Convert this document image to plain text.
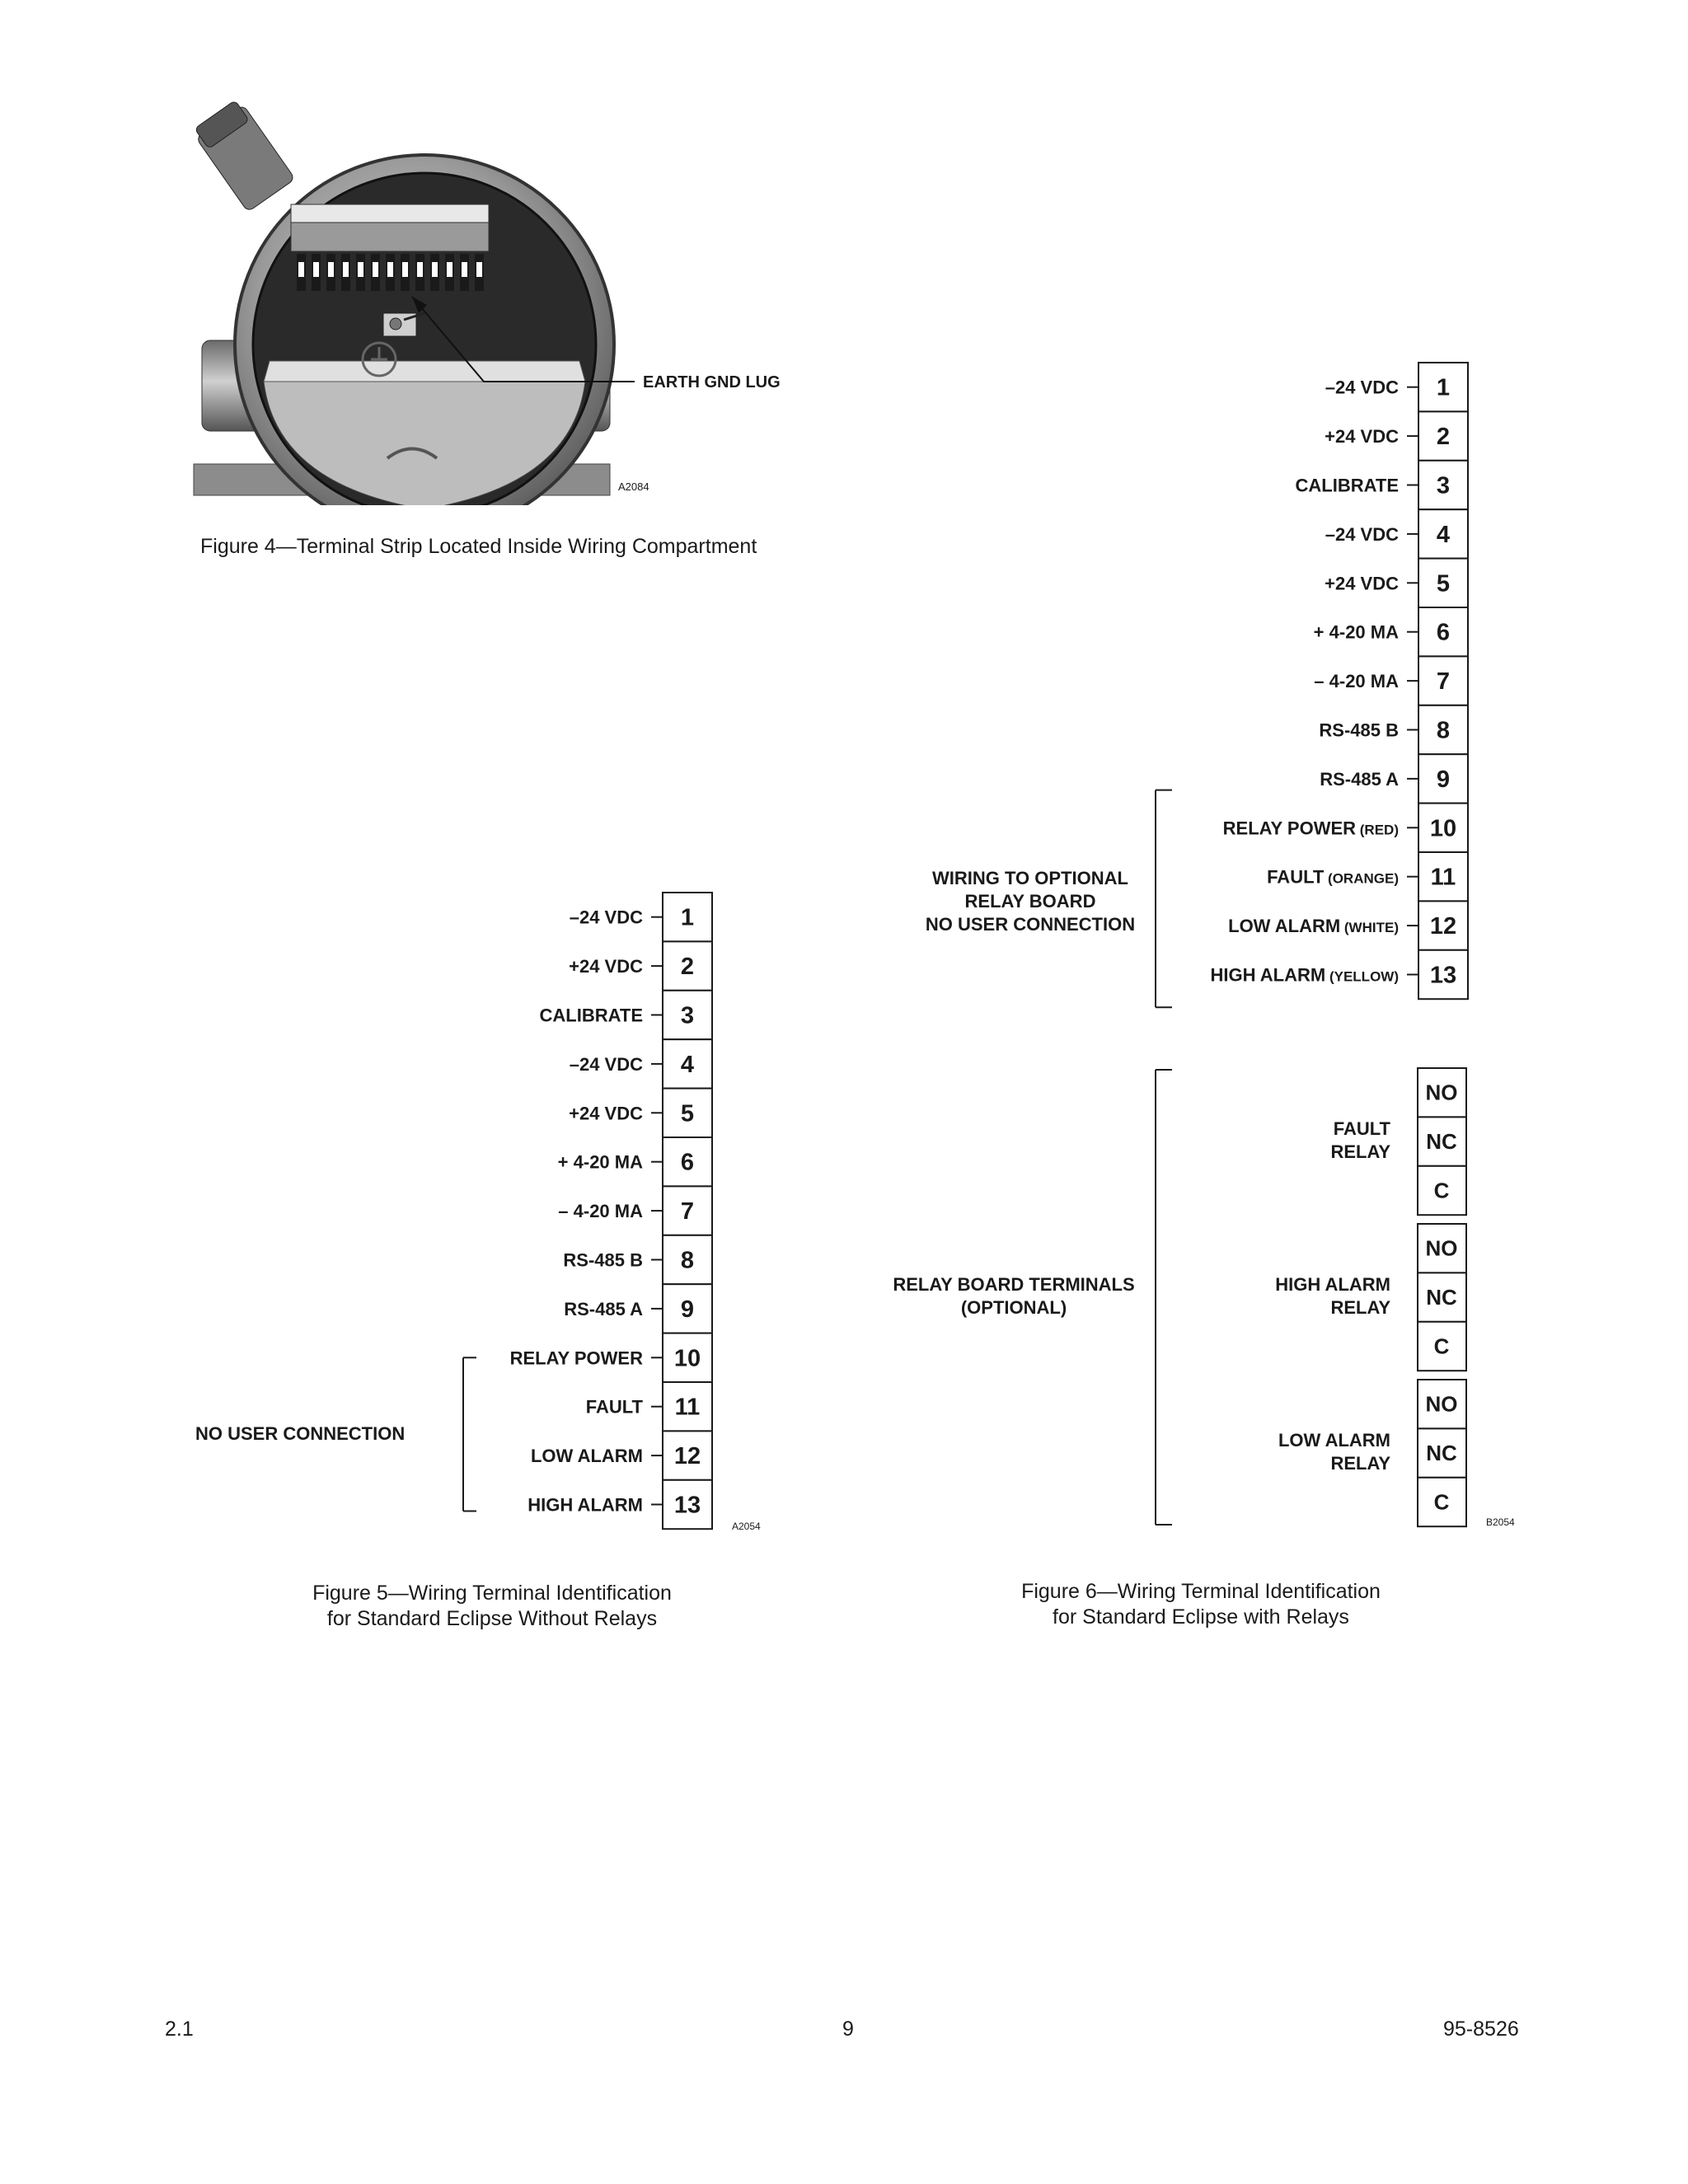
EARTH GND LUG
A2084
Figure 4—Terminal Strip Located Inside Wiring Compartment
1
–24 VDC
2
+24 VDC
3
CALIBRATE
4
–24 VDC
5
+24 VDC
6
+ 4-20 MA
7
– 4-20 MA
8
RS-485 B
9
RS-485 A
10
RELAY POWER
11
FAULT
12
LOW ALARM
13
HIGH ALARM
NO USER CONNECTION
A2054
1
–24 VDC
2
+24 VDC
3
CALIBRATE
4
–24 VDC
5
+24 VDC
6
+ 4-20 MA
7
– 4-20 MA
8
RS-485 B
9
RS-485 A
10
RELAY POWER (RED)
11
FAULT (ORANGE)
12
LOW ALARM (WHITE)
13
HIGH ALARM (YELLOW)
WIRING TO OPTIONAL
RELAY BOARD
NO USER CONNECTION
NO
NC
C
FAULT
RELAY
NO
NC
C
HIGH ALARM
RELAY
NO
NC
C
LOW ALARM
RELAY
RELAY BOARD TERMINALS
(OPTIONAL)
B2054
Figure 5—Wiring Terminal Identification
for Standard Eclipse Without Relays
Figure 6—Wiring Terminal Identification
for Standard Eclipse with Relays
2.1	9	95-8526
